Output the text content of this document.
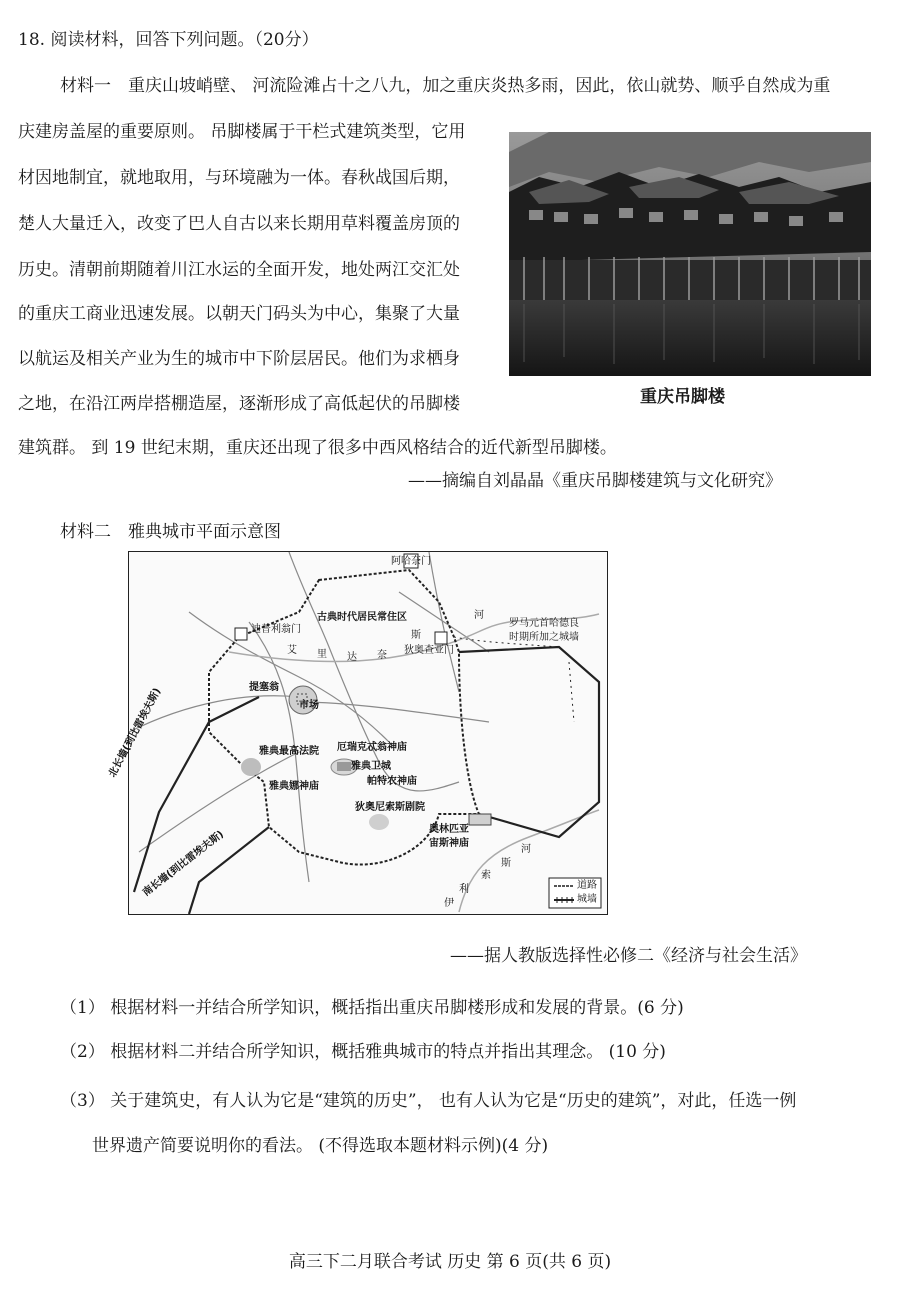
18. 阅读材料，回答下列问题。（20分）
材料一　重庆山坡峭壁、 河流险滩占十之八九，加之重庆炎热多雨，因此，依山就势、顺乎自然成为重
庆建房盖屋的重要原则。 吊脚楼属于干栏式建筑类型，它用
材因地制宜，就地取用，与环境融为一体。春秋战国后期，
楚人大量迁入，改变了巴人自古以来长期用草料覆盖房顶的
历史。清朝前期随着川江水运的全面开发，地处两江交汇处
的重庆工商业迅速发展。以朝天门码头为中心，集聚了大量
以航运及相关产业为生的城市中下阶层居民。他们为求栖身
之地，在沿江两岸搭棚造屋，逐渐形成了高低起伏的吊脚楼
建筑群。 到 19 世纪末期，重庆还出现了很多中西风格结合的近代新型吊脚楼。
重庆吊脚楼
——摘编自刘晶晶《重庆吊脚楼建筑与文化研究》
材料二　雅典城市平面示意图
阿哈奈门
古典时代居民常住区	河
罗马元首哈德良
时期所加之城墙
迪普利翁门
艾 里 达 奈
斯
狄奥查亚门
提塞翁
市场
雅典最高法院 厄瑞克忒翁神庙
雅典卫城
帕特农神庙
雅典娜神庙
狄奥尼索斯剧院
奥林匹亚
宙斯神庙
北长墙(到比雷埃夫斯)
南长墙(到比雷埃夫斯)
伊
利
索
斯
河
道路
城墙
——据人教版选择性必修二《经济与社会生活》
（1） 根据材料一并结合所学知识，概括指出重庆吊脚楼形成和发展的背景。(6 分)
（2） 根据材料二并结合所学知识，概括雅典城市的特点并指出其理念。 (10 分)
（3） 关于建筑史，有人认为它是“建筑的历史”， 也有人认为它是“历史的建筑”，对此，任选一例
世界遗产简要说明你的看法。 (不得选取本题材料示例)(4 分)
高三下二月联合考试 历史 第 6 页(共 6 页)
